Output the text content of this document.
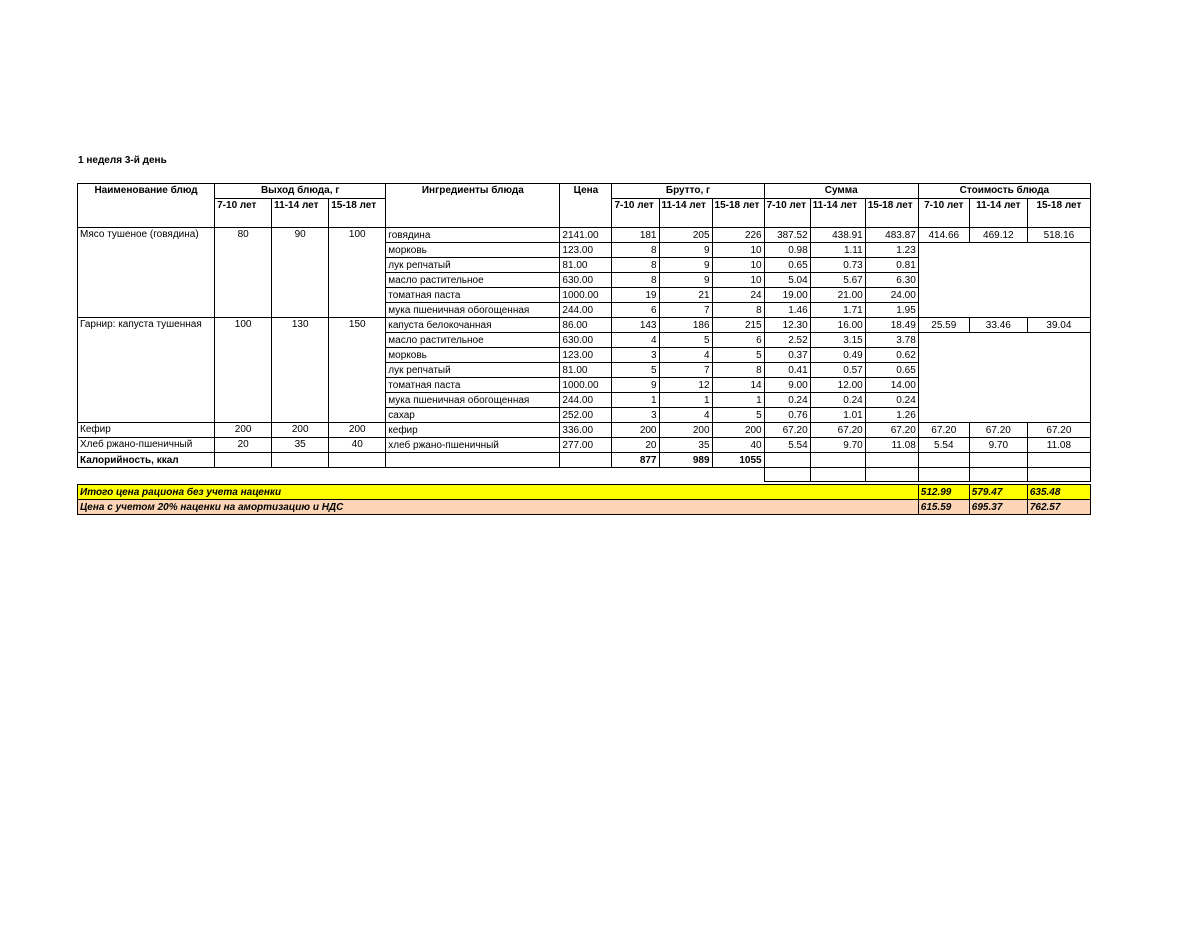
1 неделя 3-й день
Наименование блюд	Выход блюда, г			Ингредиенты блюда	Цена	Брутто, г			Сумма			Стоимость блюда		
	7-10 лет	11-14 лет	15-18 лет			7-10 лет	11-14 лет	15-18 лет	7-10 лет	11-14 лет	15-18 лет	7-10 лет	11-14 лет	15-18 лет
Мясо тушеное (говядина)	80	90	100	говядина	2141.00	181	205	226	387.52	438.91	483.87	414.66	469.12	518.16
				морковь	123.00	8	9	10	0.98	1.11	1.23			
				лук репчатый	81.00	8	9	10	0.65	0.73	0.81			
				масло растительное	630.00	8	9	10	5.04	5.67	6.30			
				томатная паста	1000.00	19	21	24	19.00	21.00	24.00			
				мука пшеничная обогощенная	244.00	6	7	8	1.46	1.71	1.95			
Гарнир: капуста тушенная	100	130	150	капуста белокочанная	86.00	143	186	215	12.30	16.00	18.49	25.59	33.46	39.04
				масло растительное	630.00	4	5	6	2.52	3.15	3.78			
				морковь	123.00	3	4	5	0.37	0.49	0.62			
				лук репчатый	81.00	5	7	8	0.41	0.57	0.65			
				томатная паста	1000.00	9	12	14	9.00	12.00	14.00			
				мука пшеничная обогощенная	244.00	1	1	1	0.24	0.24	0.24			
				сахар	252.00	3	4	5	0.76	1.01	1.26			
Кефир	200	200	200	кефир	336.00	200	200	200	67.20	67.20	67.20	67.20	67.20	67.20
Хлеб ржано-пшеничный	20	35	40	хлеб ржано-пшеничный	277.00	20	35	40	5.54	9.70	11.08	5.54	9.70	11.08
Калорийность, ккал						877	989	1055						

Итого цена рациона без учета наценки												512.99	579.47	635.48
Цена с учетом 20% наценки на амортизацию и НДС												615.59	695.37	762.57
